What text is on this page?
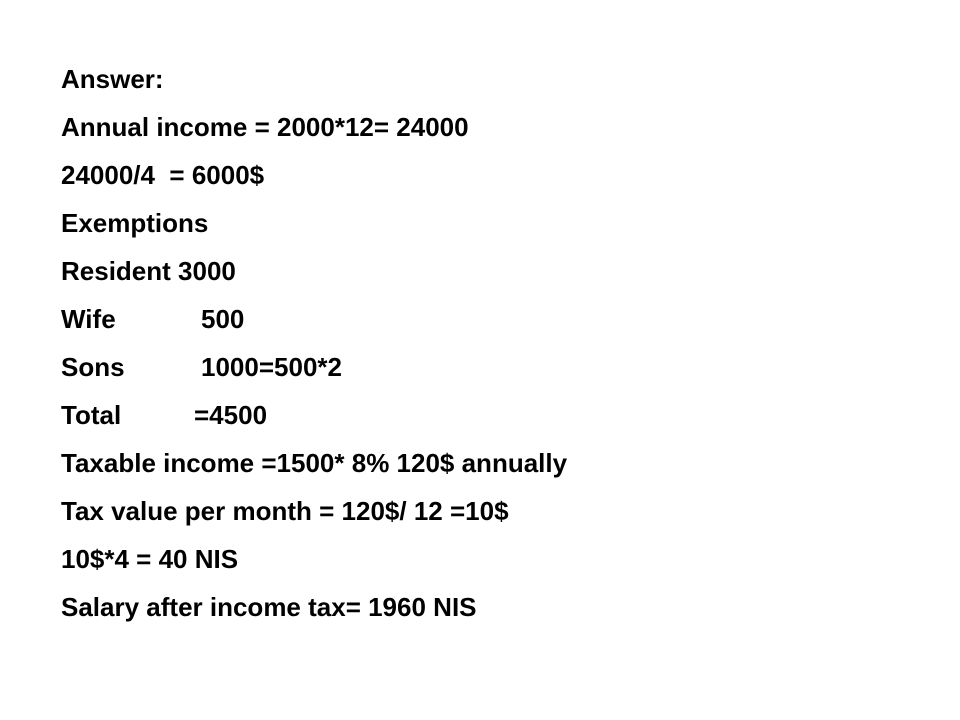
Answer:
Annual income = 2000*12= 24000
24000/4  = 6000$
Exemptions
Resident 3000
Wife	500
Sons	1000=500*2
Total	=4500
Taxable income =1500* 8% 120$ annually
Tax value per month = 120$/ 12 =10$
10$*4 = 40 NIS
Salary after income tax= 1960 NIS
